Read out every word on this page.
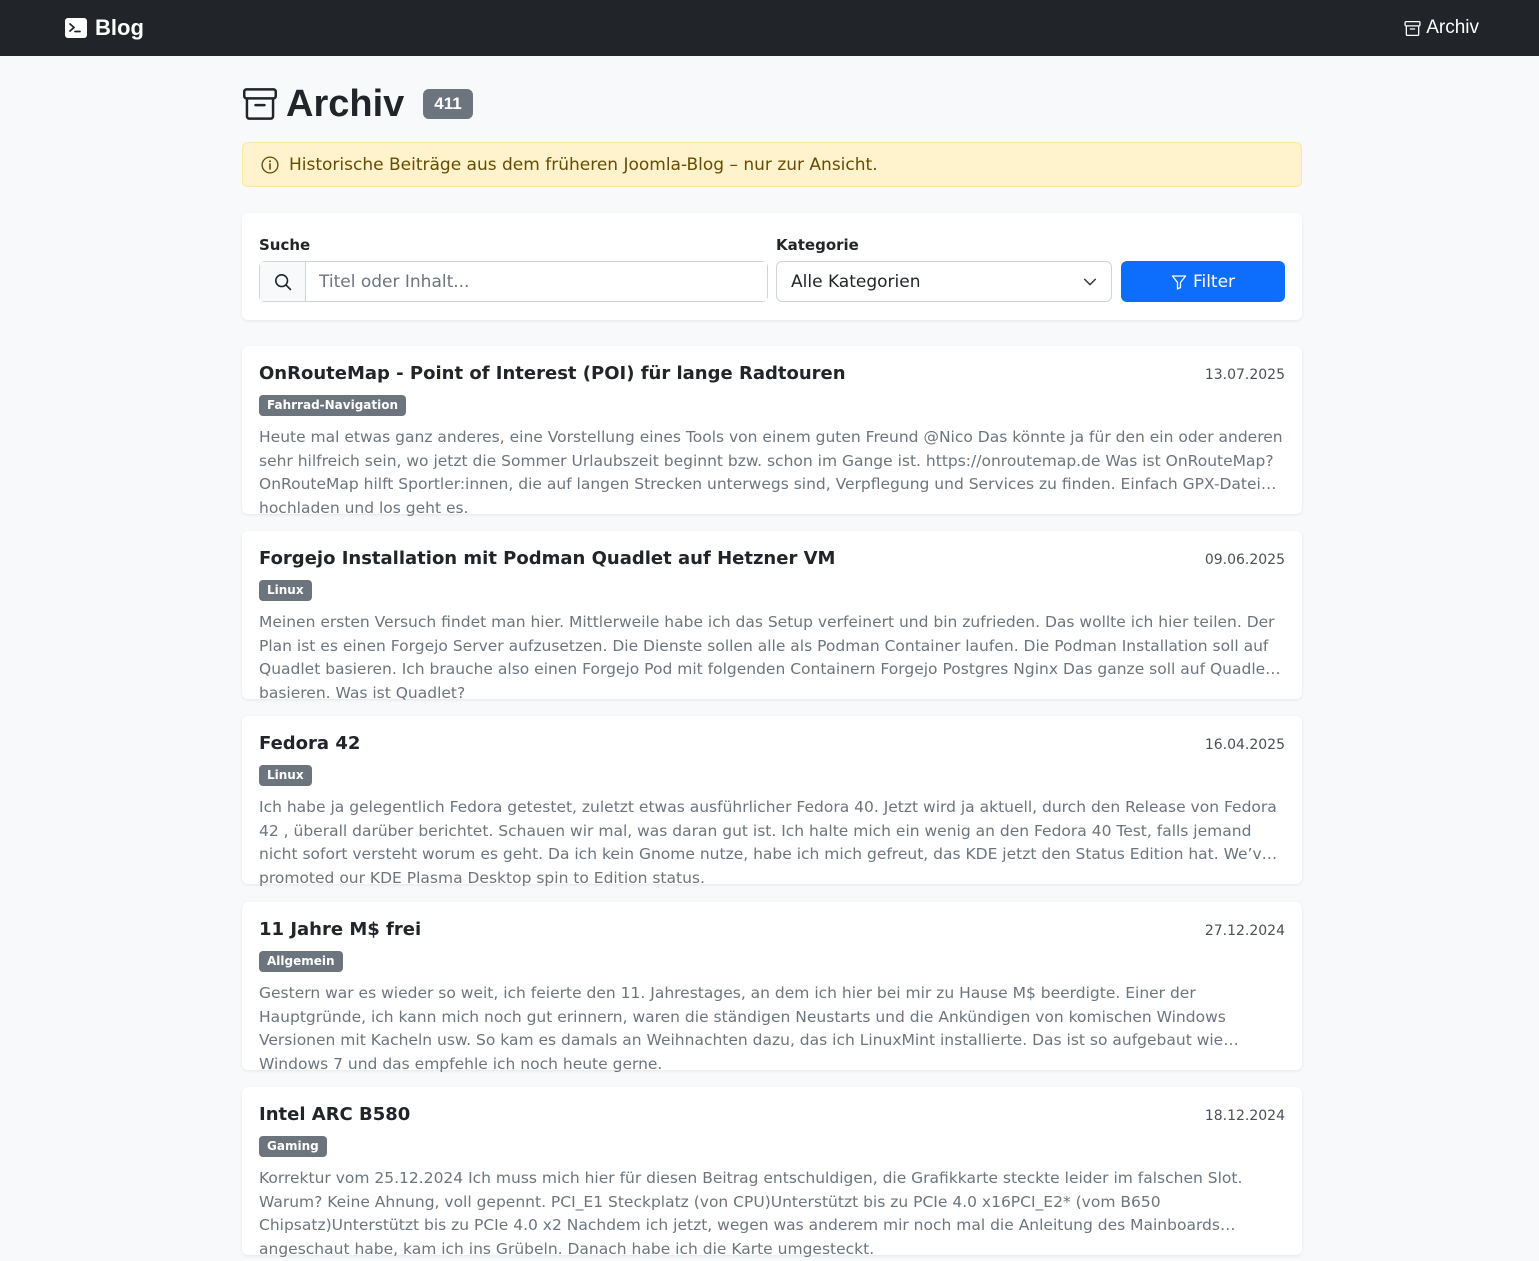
Blog	Archiv
Archiv	411
Historische Beiträge aus dem früheren Joomla-Blog – nur zur Ansicht.
Suche	Kategorie
Titel oder Inhalt...
Alle Kategorien	Filter
OnRouteMap - Point of Interest (POI) für lange Radtouren	13.07.2025
Fahrrad-Navigation
Heute mal etwas ganz anderes, eine Vorstellung eines Tools von einem guten Freund @Nico Das könnte ja für den ein oder anderen sehr hilfreich sein, wo jetzt die Sommer Urlaubszeit beginnt bzw. schon im Gange ist. https://onroutemap.de Was ist OnRouteMap? OnRouteMap hilft Sportler:innen, die auf langen Strecken unterwegs sind, Verpflegung und Services zu finden. Einfach GPX-Datei hochladen und los geht es.
Forgejo Installation mit Podman Quadlet auf Hetzner VM	09.06.2025
Linux
Meinen ersten Versuch findet man hier. Mittlerweile habe ich das Setup verfeinert und bin zufrieden. Das wollte ich hier teilen. Der Plan ist es einen Forgejo Server aufzusetzen. Die Dienste sollen alle als Podman Container laufen. Die Podman Installation soll auf Quadlet basieren. Ich brauche also einen Forgejo Pod mit folgenden Containern Forgejo Postgres Nginx Das ganze soll auf Quadlet basieren. Was ist Quadlet?
Fedora 42	16.04.2025
Linux
Ich habe ja gelegentlich Fedora getestet, zuletzt etwas ausführlicher Fedora 40. Jetzt wird ja aktuell, durch den Release von Fedora 42 , überall darüber berichtet. Schauen wir mal, was daran gut ist. Ich halte mich ein wenig an den Fedora 40 Test, falls jemand nicht sofort versteht worum es geht. Da ich kein Gnome nutze, habe ich mich gefreut, das KDE jetzt den Status Edition hat. We’ve promoted our KDE Plasma Desktop spin to Edition status.
11 Jahre M$ frei	27.12.2024
Allgemein
Gestern war es wieder so weit, ich feierte den 11. Jahrestages, an dem ich hier bei mir zu Hause M$ beerdigte. Einer der Hauptgründe, ich kann mich noch gut erinnern, waren die ständigen Neustarts und die Ankündigen von komischen Windows Versionen mit Kacheln usw. So kam es damals an Weihnachten dazu, das ich LinuxMint installierte. Das ist so aufgebaut wie Windows 7 und das empfehle ich noch heute gerne.
Intel ARC B580	18.12.2024
Gaming
Korrektur vom 25.12.2024 Ich muss mich hier für diesen Beitrag entschuldigen, die Grafikkarte steckte leider im falschen Slot. Warum? Keine Ahnung, voll gepennt. PCI_E1 Steckplatz (von CPU)Unterstützt bis zu PCIe 4.0 x16PCI_E2* (vom B650 Chipsatz)Unterstützt bis zu PCIe 4.0 x2 Nachdem ich jetzt, wegen was anderem mir noch mal die Anleitung des Mainboards angeschaut habe, kam ich ins Grübeln. Danach habe ich die Karte umgesteckt.
